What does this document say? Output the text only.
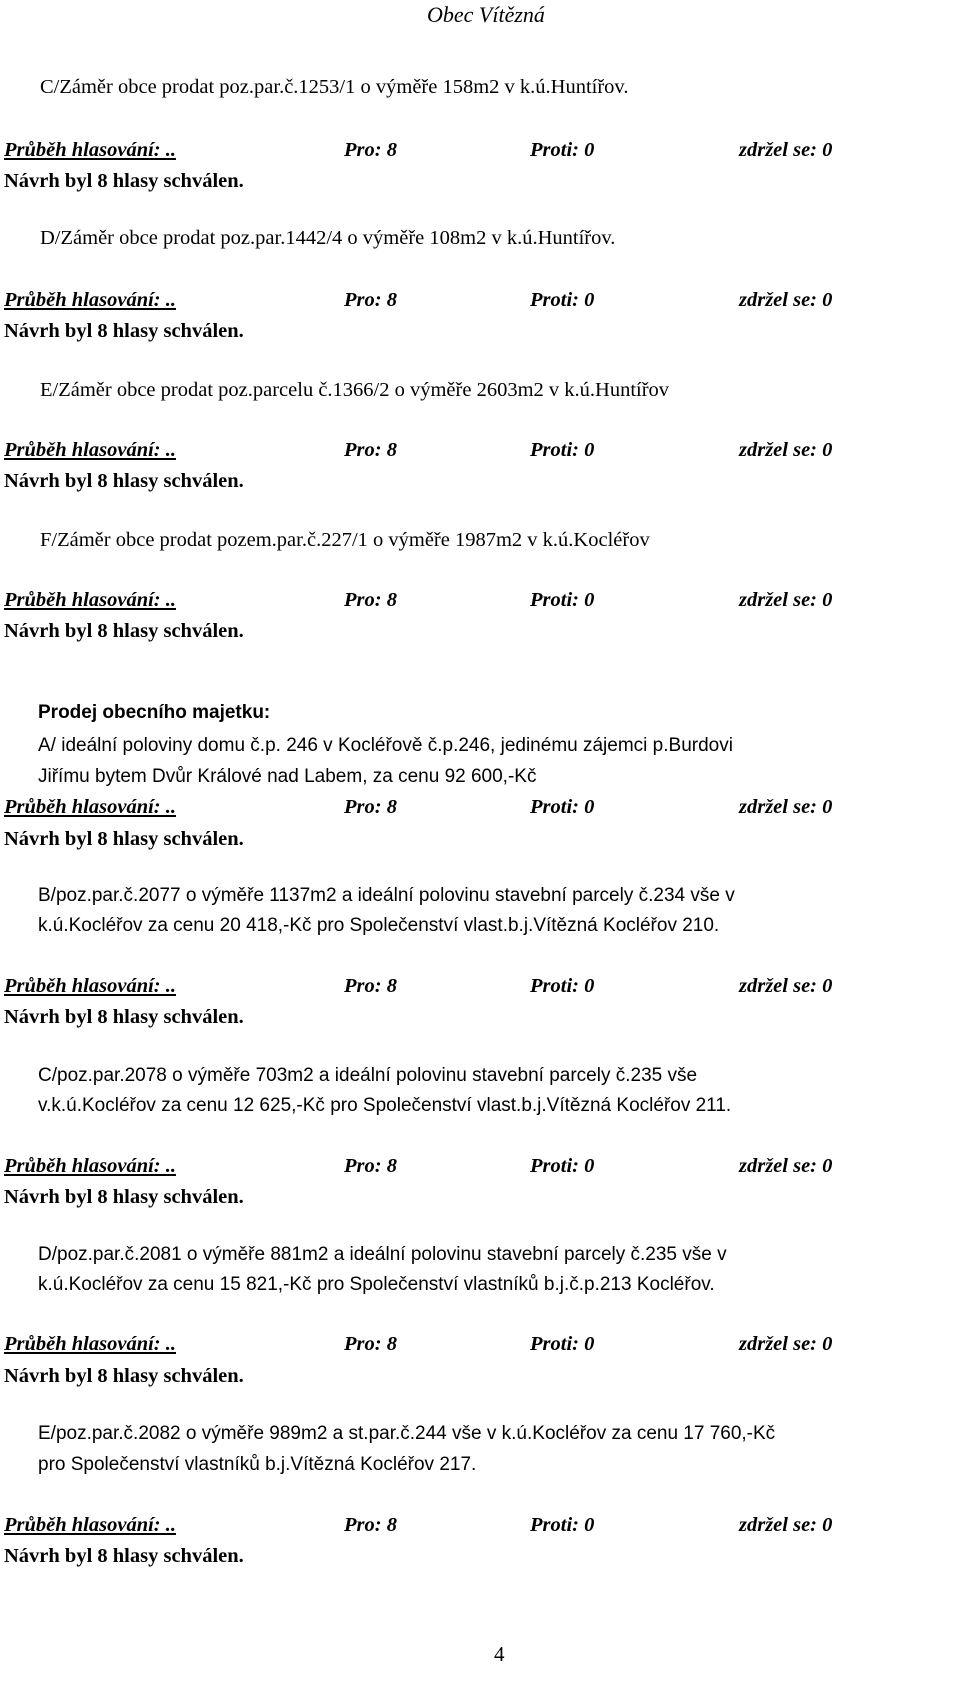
Obec Vítězná
C/Záměr obce prodat poz.par.č.1253/1 o výměře 158m2 v k.ú.Huntířov.
Průběh hlasování: ..	Pro: 8	Proti: 0	zdržel se: 0
Návrh byl 8 hlasy schválen.
D/Záměr obce prodat poz.par.1442/4 o výměře 108m2 v k.ú.Huntířov.
Průběh hlasování: ..	Pro: 8	Proti: 0	zdržel se: 0
Návrh byl 8 hlasy schválen.
E/Záměr obce prodat poz.parcelu č.1366/2 o výměře 2603m2 v k.ú.Huntířov
Průběh hlasování: ..	Pro: 8	Proti: 0	zdržel se: 0
Návrh byl 8 hlasy schválen.
F/Záměr obce prodat pozem.par.č.227/1 o výměře 1987m2 v k.ú.Kocléřov
Průběh hlasování: ..	Pro: 8	Proti: 0	zdržel se: 0
Návrh byl 8 hlasy schválen.
Prodej obecního majetku:
A/ ideální poloviny domu č.p. 246 v Kocléřově č.p.246, jedinému zájemci p.Burdovi
Jiřímu bytem Dvůr Králové nad Labem, za cenu 92 600,-Kč
Průběh hlasování: ..	Pro: 8	Proti: 0	zdržel se: 0
Návrh byl 8 hlasy schválen.
B/poz.par.č.2077 o výměře 1137m2 a ideální polovinu stavební parcely č.234 vše v
k.ú.Kocléřov za cenu 20 418,-Kč pro Společenství vlast.b.j.Vítězná Kocléřov 210.
Průběh hlasování: ..	Pro: 8	Proti: 0	zdržel se: 0
Návrh byl 8 hlasy schválen.
C/poz.par.2078 o výměře 703m2 a ideální polovinu stavební parcely č.235 vše
v.k.ú.Kocléřov za cenu 12 625,-Kč pro Společenství vlast.b.j.Vítězná Kocléřov 211.
Průběh hlasování: ..	Pro: 8	Proti: 0	zdržel se: 0
Návrh byl 8 hlasy schválen.
D/poz.par.č.2081 o výměře 881m2 a ideální polovinu stavební parcely č.235 vše v
k.ú.Kocléřov za cenu 15 821,-Kč pro Společenství vlastníků b.j.č.p.213 Kocléřov.
Průběh hlasování: ..	Pro: 8	Proti: 0	zdržel se: 0
Návrh byl 8 hlasy schválen.
E/poz.par.č.2082 o výměře 989m2 a st.par.č.244 vše v k.ú.Kocléřov za cenu 17 760,-Kč
pro Společenství vlastníků b.j.Vítězná Kocléřov 217.
Průběh hlasování: ..	Pro: 8	Proti: 0	zdržel se: 0
Návrh byl 8 hlasy schválen.
4
